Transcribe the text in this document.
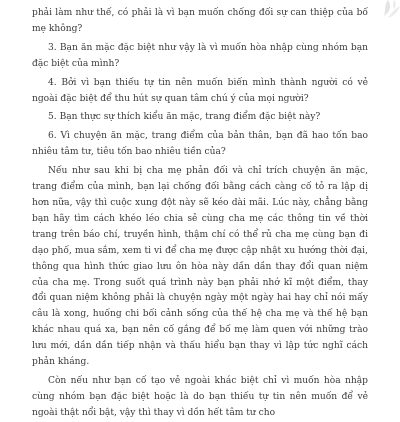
phải làm như thế, có phải là vì bạn muốn chống đối sự can thiệp của bố mẹ không?

3. Bạn ăn mặc đặc biệt như vậy là vì muốn hòa nhập cùng nhóm bạn đặc biệt của mình?

4. Bởi vì bạn thiếu tự tin nên muốn biến mình thành người có vẻ ngoài đặc biệt để thu hút sự quan tâm chú ý của mọi người?

5. Bạn thực sự thích kiểu ăn mặc, trang điểm đặc biệt này?

6. Vì chuyện ăn mặc, trang điểm của bản thân, bạn đã hao tốn bao nhiêu tâm tư, tiêu tốn bao nhiêu tiền của?

Nếu như sau khi bị cha mẹ phản đối và chỉ trích chuyện ăn mặc, trang điểm của mình, bạn lại chống đối bằng cách càng cố tỏ ra lập dị hơn nữa, vậy thì cuộc xung đột này sẽ kéo dài mãi. Lúc này, chẳng bằng bạn hãy tìm cách khéo léo chia sẻ cùng cha mẹ các thông tin về thời trang trên báo chí, truyền hình, thậm chí có thể rủ cha mẹ cùng bạn đi dạo phố, mua sắm, xem ti vi để cha mẹ được cập nhật xu hướng thời đại, thông qua hình thức giao lưu ôn hòa này dần dần thay đổi quan niệm của cha mẹ. Trong suốt quá trình này bạn phải nhớ kĩ một điểm, thay đổi quan niệm không phải là chuyện ngày một ngày hai hay chỉ nói mấy câu là xong, huống chi bối cảnh sống của thế hệ cha mẹ và thế hệ bạn khác nhau quá xa, bạn nên cố gắng để bố mẹ làm quen với những trào lưu mới, dần dần tiếp nhận và thấu hiểu bạn thay vì lập tức nghĩ cách phản kháng.

Còn nếu như bạn cố tạo vẻ ngoài khác biệt chỉ vì muốn hòa nhập cùng nhóm bạn đặc biệt hoặc là do bạn thiếu tự tin nên muốn để vẻ ngoài thật nổi bật, vậy thì thay vì dồn hết tâm tư cho
